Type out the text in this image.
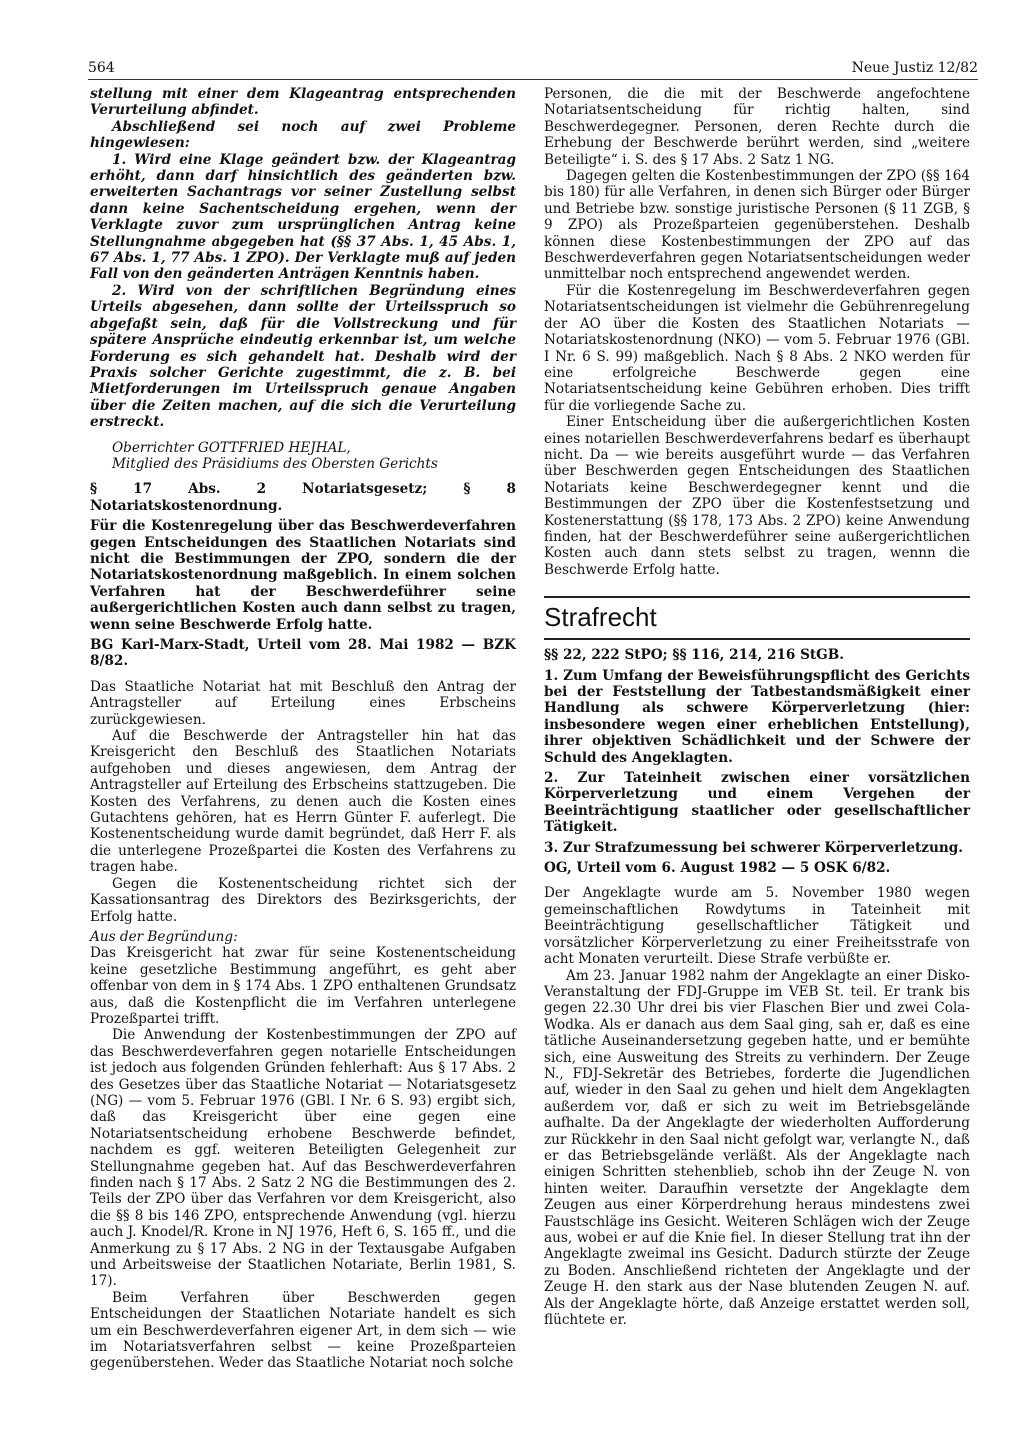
564	Neue Justiz 12/82

stellung mit einer dem Klageantrag entsprechenden Verurteilung abfindet.

Abschließend sei noch auf zwei Probleme hingewiesen:

1. Wird eine Klage geändert bzw. der Klageantrag erhöht, dann darf hinsichtlich des geänderten bzw. erweiterten Sachantrags vor seiner Zustellung selbst dann keine Sachentscheidung ergehen, wenn der Verklagte zuvor zum ursprünglichen Antrag keine Stellungnahme abgegeben hat (§§ 37 Abs. 1, 45 Abs. 1, 67 Abs. 1, 77 Abs. 1 ZPO). Der Verklagte muß auf jeden Fall von den geänderten Anträgen Kenntnis haben.

2. Wird von der schriftlichen Begründung eines Urteils abgesehen, dann sollte der Urteilsspruch so abgefaßt sein, daß für die Vollstreckung und für spätere Ansprüche eindeutig erkennbar ist, um welche Forderung es sich gehandelt hat. Deshalb wird der Praxis solcher Gerichte zugestimmt, die z. B. bei Mietforderungen im Urteilsspruch genaue Angaben über die Zeiten machen, auf die sich die Verurteilung erstreckt.

Oberrichter GOTTFRIED HEJHAL,

Mitglied des Präsidiums des Obersten Gerichts

§ 17 Abs. 2 Notariatsgesetz; § 8 Notariatskostenordnung.

Für die Kostenregelung über das Beschwerdeverfahren gegen Entscheidungen des Staatlichen Notariats sind nicht die Bestimmungen der ZPO, sondern die der Notariatskostenordnung maßgeblich. In einem solchen Verfahren hat der Beschwerdeführer seine außergerichtlichen Kosten auch dann selbst zu tragen, wenn seine Beschwerde Erfolg hatte.

BG Karl-Marx-Stadt, Urteil vom 28. Mai 1982 — BZK 8/82.

Das Staatliche Notariat hat mit Beschluß den Antrag der Antragsteller auf Erteilung eines Erbscheins zurückgewiesen.

Auf die Beschwerde der Antragsteller hin hat das Kreisgericht den Beschluß des Staatlichen Notariats aufgehoben und dieses angewiesen, dem Antrag der Antragsteller auf Erteilung des Erbscheins stattzugeben. Die Kosten des Verfahrens, zu denen auch die Kosten eines Gutachtens gehören, hat es Herrn Günter F. auferlegt. Die Kostenentscheidung wurde damit begründet, daß Herr F. als die unterlegene Prozeßpartei die Kosten des Verfahrens zu tragen habe.

Gegen die Kostenentscheidung richtet sich der Kassationsantrag des Direktors des Bezirksgerichts, der Erfolg hatte.

Aus der Begründung:

Das Kreisgericht hat zwar für seine Kostenentscheidung keine gesetzliche Bestimmung angeführt, es geht aber offenbar von dem in § 174 Abs. 1 ZPO enthaltenen Grundsatz aus, daß die Kostenpflicht die im Verfahren unterlegene Prozeßpartei trifft.

Die Anwendung der Kostenbestimmungen der ZPO auf das Beschwerdeverfahren gegen notarielle Entscheidungen ist jedoch aus folgenden Gründen fehlerhaft: Aus § 17 Abs. 2 des Gesetzes über das Staatliche Notariat — Notariatsgesetz (NG) — vom 5. Februar 1976 (GBl. I Nr. 6 S. 93) ergibt sich, daß das Kreisgericht über eine gegen eine Notariatsentscheidung erhobene Beschwerde befindet, nachdem es ggf. weiteren Beteiligten Gelegenheit zur Stellungnahme gegeben hat. Auf das Beschwerdeverfahren finden nach § 17 Abs. 2 Satz 2 NG die Bestimmungen des 2. Teils der ZPO über das Verfahren vor dem Kreisgericht, also die §§ 8 bis 146 ZPO, entsprechende Anwendung (vgl. hierzu auch J. Knodel/R. Krone in NJ 1976, Heft 6, S. 165 ff., und die Anmerkung zu § 17 Abs. 2 NG in der Textausgabe Aufgaben und Arbeitsweise der Staatlichen Notariate, Berlin 1981, S. 17).

Beim Verfahren über Beschwerden gegen Entscheidungen der Staatlichen Notariate handelt es sich um ein Beschwerdeverfahren eigener Art, in dem sich — wie im Notariatsverfahren selbst — keine Prozeßparteien gegenüberstehen. Weder das Staatliche Notariat noch solche

Personen, die die mit der Beschwerde angefochtene Notariatsentscheidung für richtig halten, sind Beschwerdegegner. Personen, deren Rechte durch die Erhebung der Beschwerde berührt werden, sind „weitere Beteiligte“ i. S. des § 17 Abs. 2 Satz 1 NG.

Dagegen gelten die Kostenbestimmungen der ZPO (§§ 164 bis 180) für alle Verfahren, in denen sich Bürger oder Bürger und Betriebe bzw. sonstige juristische Personen (§ 11 ZGB, § 9 ZPO) als Prozeßparteien gegenüberstehen. Deshalb können diese Kostenbestimmungen der ZPO auf das Beschwerdeverfahren gegen Notariatsentscheidungen weder unmittelbar noch entsprechend angewendet werden.

Für die Kostenregelung im Beschwerdeverfahren gegen Notariatsentscheidungen ist vielmehr die Gebührenregelung der AO über die Kosten des Staatlichen Notariats — Notariatskostenordnung (NKO) — vom 5. Februar 1976 (GBl. I Nr. 6 S. 99) maßgeblich. Nach § 8 Abs. 2 NKO werden für eine erfolgreiche Beschwerde gegen eine Notariatsentscheidung keine Gebühren erhoben. Dies trifft für die vorliegende Sache zu.

Einer Entscheidung über die außergerichtlichen Kosten eines notariellen Beschwerdeverfahrens bedarf es überhaupt nicht. Da — wie bereits ausgeführt wurde — das Verfahren über Beschwerden gegen Entscheidungen des Staatlichen Notariats keine Beschwerdegegner kennt und die Bestimmungen der ZPO über die Kostenfestsetzung und Kostenerstattung (§§ 178, 173 Abs. 2 ZPO) keine Anwendung finden, hat der Beschwerdeführer seine außergerichtlichen Kosten auch dann stets selbst zu tragen, wennn die Beschwerde Erfolg hatte.

Strafrecht

§§ 22, 222 StPO; §§ 116, 214, 216 StGB.

1. Zum Umfang der Beweisführungspflicht des Gerichts bei der Feststellung der Tatbestandsmäßigkeit einer Handlung als schwere Körperverletzung (hier: insbesondere wegen einer erheblichen Entstellung), ihrer objektiven Schädlichkeit und der Schwere der Schuld des Angeklagten.

2. Zur Tateinheit zwischen einer vorsätzlichen Körperverletzung und einem Vergehen der Beeinträchtigung staatlicher oder gesellschaftlicher Tätigkeit.

3. Zur Strafzumessung bei schwerer Körperverletzung.

OG, Urteil vom 6. August 1982 — 5 OSK 6/82.

Der Angeklagte wurde am 5. November 1980 wegen gemeinschaftlichen Rowdytums in Tateinheit mit Beeinträchtigung gesellschaftlicher Tätigkeit und vorsätzlicher Körperverletzung zu einer Freiheitsstrafe von acht Monaten verurteilt. Diese Strafe verbüßte er.

Am 23. Januar 1982 nahm der Angeklagte an einer Disko-Veranstaltung der FDJ-Gruppe im VEB St. teil. Er trank bis gegen 22.30 Uhr drei bis vier Flaschen Bier und zwei Cola-Wodka. Als er danach aus dem Saal ging, sah er, daß es eine tätliche Auseinandersetzung gegeben hatte, und er bemühte sich, eine Ausweitung des Streits zu verhindern. Der Zeuge N., FDJ-Sekretär des Betriebes, forderte die Jugendlichen auf, wieder in den Saal zu gehen und hielt dem Angeklagten außerdem vor, daß er sich zu weit im Betriebsgelände aufhalte. Da der Angeklagte der wiederholten Aufforderung zur Rückkehr in den Saal nicht gefolgt war, verlangte N., daß er das Betriebsgelände verläßt. Als der Angeklagte nach einigen Schritten stehenblieb, schob ihn der Zeuge N. von hinten weiter. Daraufhin versetzte der Angeklagte dem Zeugen aus einer Körperdrehung heraus mindestens zwei Faustschläge ins Gesicht. Weiteren Schlägen wich der Zeuge aus, wobei er auf die Knie fiel. In dieser Stellung trat ihn der Angeklagte zweimal ins Gesicht. Dadurch stürzte der Zeuge zu Boden. Anschließend richteten der Angeklagte und der Zeuge H. den stark aus der Nase blutenden Zeugen N. auf. Als der Angeklagte hörte, daß Anzeige erstattet werden soll, flüchtete er.
